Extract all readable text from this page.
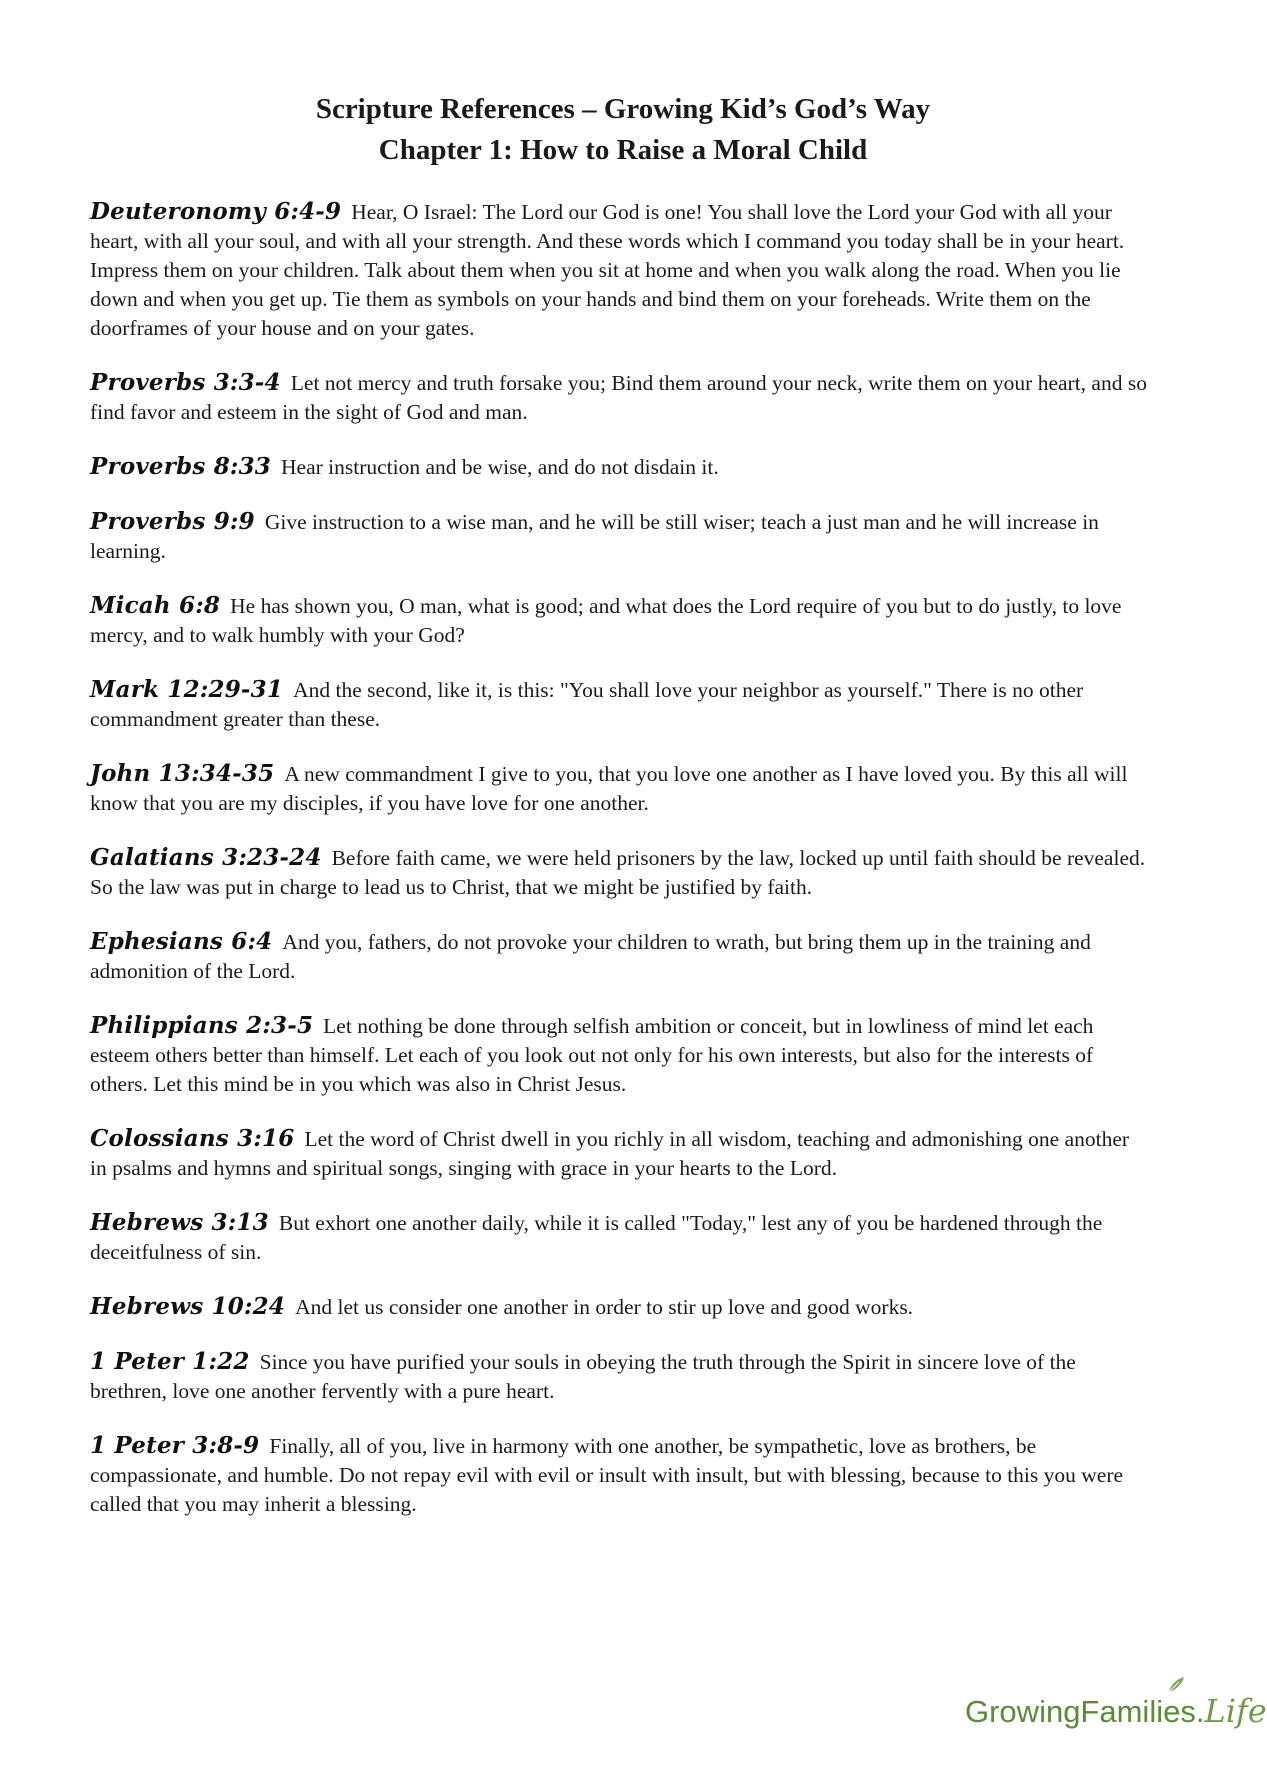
Scripture References – Growing Kid’s God’s Way
Chapter 1: How to Raise a Moral Child

Deuteronomy 6:4-9 Hear, O Israel: The Lord our God is one! You shall love the Lord your God with all your heart, with all your soul, and with all your strength. And these words which I command you today shall be in your heart. Impress them on your children. Talk about them when you sit at home and when you walk along the road. When you lie down and when you get up. Tie them as symbols on your hands and bind them on your foreheads. Write them on the doorframes of your house and on your gates.

Proverbs 3:3-4 Let not mercy and truth forsake you; Bind them around your neck, write them on your heart, and so find favor and esteem in the sight of God and man.

Proverbs 8:33 Hear instruction and be wise, and do not disdain it.

Proverbs 9:9 Give instruction to a wise man, and he will be still wiser; teach a just man and he will increase in learning.

Micah 6:8 He has shown you, O man, what is good; and what does the Lord require of you but to do justly, to love mercy, and to walk humbly with your God?

Mark 12:29-31 And the second, like it, is this: "You shall love your neighbor as yourself." There is no other commandment greater than these.

John 13:34-35 A new commandment I give to you, that you love one another as I have loved you. By this all will know that you are my disciples, if you have love for one another.

Galatians 3:23-24 Before faith came, we were held prisoners by the law, locked up until faith should be revealed. So the law was put in charge to lead us to Christ, that we might be justified by faith.

Ephesians 6:4 And you, fathers, do not provoke your children to wrath, but bring them up in the training and admonition of the Lord.

Philippians 2:3-5 Let nothing be done through selfish ambition or conceit, but in lowliness of mind let each esteem others better than himself. Let each of you look out not only for his own interests, but also for the interests of others. Let this mind be in you which was also in Christ Jesus.

Colossians 3:16 Let the word of Christ dwell in you richly in all wisdom, teaching and admonishing one another in psalms and hymns and spiritual songs, singing with grace in your hearts to the Lord.

Hebrews 3:13 But exhort one another daily, while it is called "Today," lest any of you be hardened through the deceitfulness of sin.

Hebrews 10:24 And let us consider one another in order to stir up love and good works.

1 Peter 1:22 Since you have purified your souls in obeying the truth through the Spirit in sincere love of the brethren, love one another fervently with a pure heart.

1 Peter 3:8-9 Finally, all of you, live in harmony with one another, be sympathetic, love as brothers, be compassionate, and humble. Do not repay evil with evil or insult with insult, but with blessing, because to this you were called that you may inherit a blessing.

GrowingFamilies.Life
